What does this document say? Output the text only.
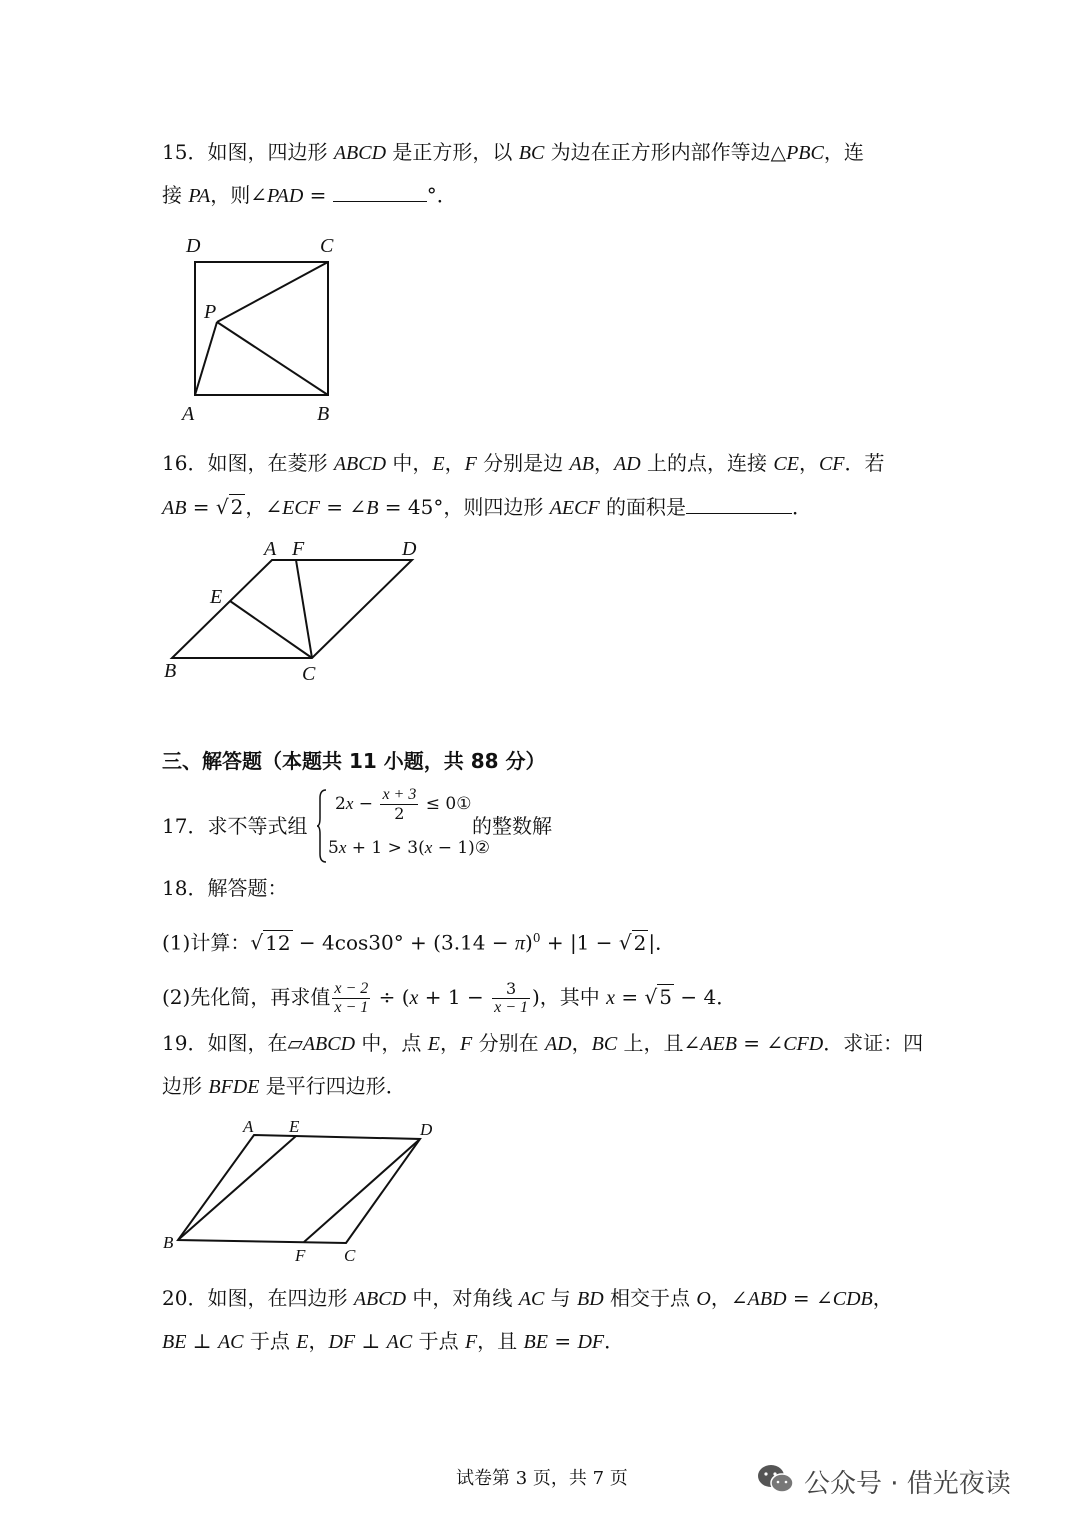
15．如图，四边形 ABCD 是正方形，以 BC 为边在正方形内部作等边△PBC，连
接 PA，则∠PAD =	°．
D	C
P
A	B
16．如图，在菱形 ABCD 中，E，F 分别是边 AB，AD 上的点，连接 CE，CF．若
AB = √ 2 ，∠ECF = ∠B = 45°，则四边形 AECF 的面积是	．
A F	D
E
B	C
三、解答题（本题共 11 小题，共 88 分）
17．求不等式组
$2x - \frac{x + 3}{2}$ ≤ 0①
5x + 1 > 3(x − 1)②
的整数解
18．解答题：
(1)计算：√ $12 - 4\cos 30^\circ + (3.14 - \pi)^0 + |1$ − √ 2 |．
(2)先化简，再求值 $\frac{x - 2}{x - 1} \div (x + 1 - \frac{3}{x - 1}$ )，其中 x = √ 5 − 4．
19．如图，在▱ABCD 中，点 E，F 分别在 AD，BC 上，且∠AEB = ∠CFD．求证：四
边形 BFDE 是平行四边形．
A E	D
B
F C
20．如图，在四边形 ABCD 中，对角线 AC 与 BD 相交于点 O，∠ABD = ∠CDB，
BE ⊥ AC 于点 E，DF ⊥ AC 于点 F，且 BE = DF．
试卷第 3 页，共 7 页	公众号 · 借光夜读
